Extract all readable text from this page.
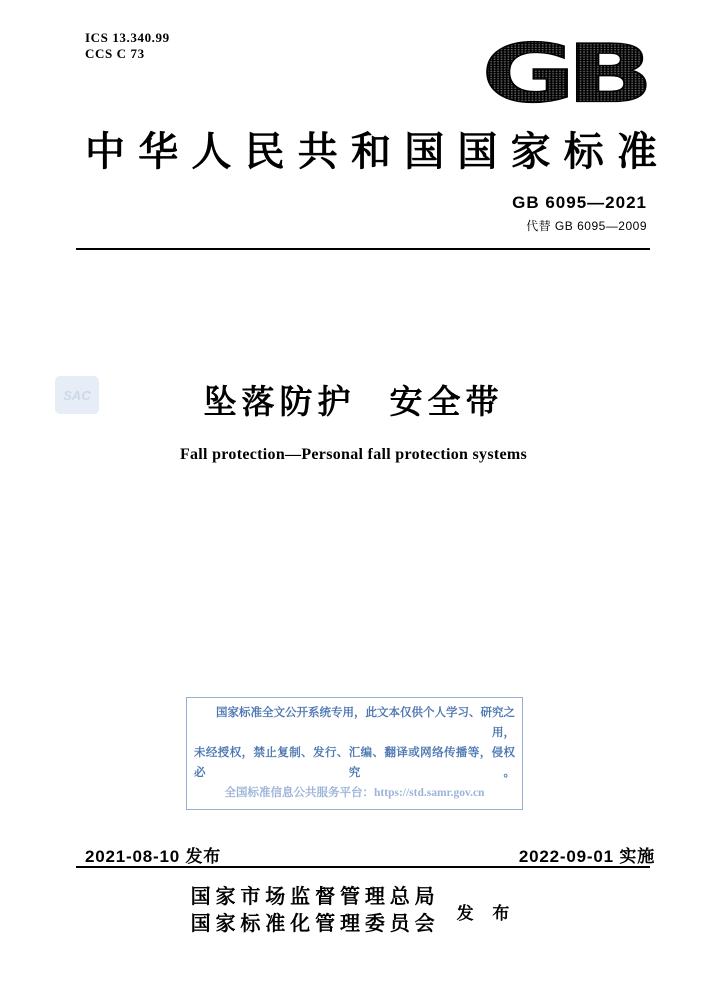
ICS 13.340.99
CCS C 73	GB
中华人民共和国国家标准
GB 6095—2021
代替 GB 6095—2009
SAC	坠落防护 安全带
Fall protection—Personal fall protection systems
国家标准全文公开系统专用，此文本仅供个人学习、研究之用，
未经授权，禁止复制、发行、汇编、翻译或网络传播等，侵权必究。
全国标准信息公共服务平台：https://std.samr.gov.cn
2021-08-10 发布	2022-09-01 实施
国家市场监督管理总局
国家标准化管理委员会 发 布
